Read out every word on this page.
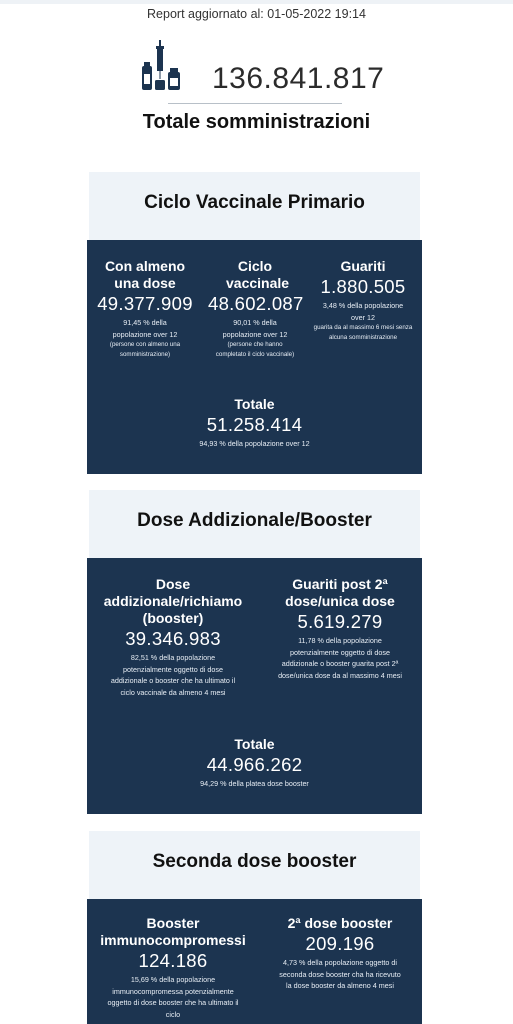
Report aggiornato al: 01-05-2022 19:14
136.841.817
Totale somministrazioni
Ciclo Vaccinale Primario
Con almeno una dose
49.377.909
91,45 % della popolazione over 12
(persone con almeno una somministrazione)
Ciclo vaccinale
48.602.087
90,01 % della popolazione over 12
(persone che hanno completato il ciclo vaccinale)
Guariti
1.880.505
3,48 % della popolazione over 12
guarita da al massimo 6 mesi senza alcuna somministrazione
Totale
51.258.414
94,93 % della popolazione over 12
Dose Addizionale/Booster
Dose addizionale/richiamo (booster)
39.346.983
82,51 % della popolazione potenzialmente oggetto di dose addizionale o booster che ha ultimato il ciclo vaccinale da almeno 4 mesi
Guariti post 2ª dose/unica dose
5.619.279
11,78 % della popolazione potenzialmente oggetto di dose addizionale o booster guarita post 2ª dose/unica dose da al massimo 4 mesi
Totale
44.966.262
94,29 % della platea dose booster
Seconda dose booster
Booster immunocompromessi
124.186
15,69 % della popolazione immunocompromessa potenzialmente oggetto di dose booster che ha ultimato il ciclo
2ª dose booster
209.196
4,73 % della popolazione oggetto di seconda dose booster cha ha ricevuto la dose booster da almeno 4 mesi
